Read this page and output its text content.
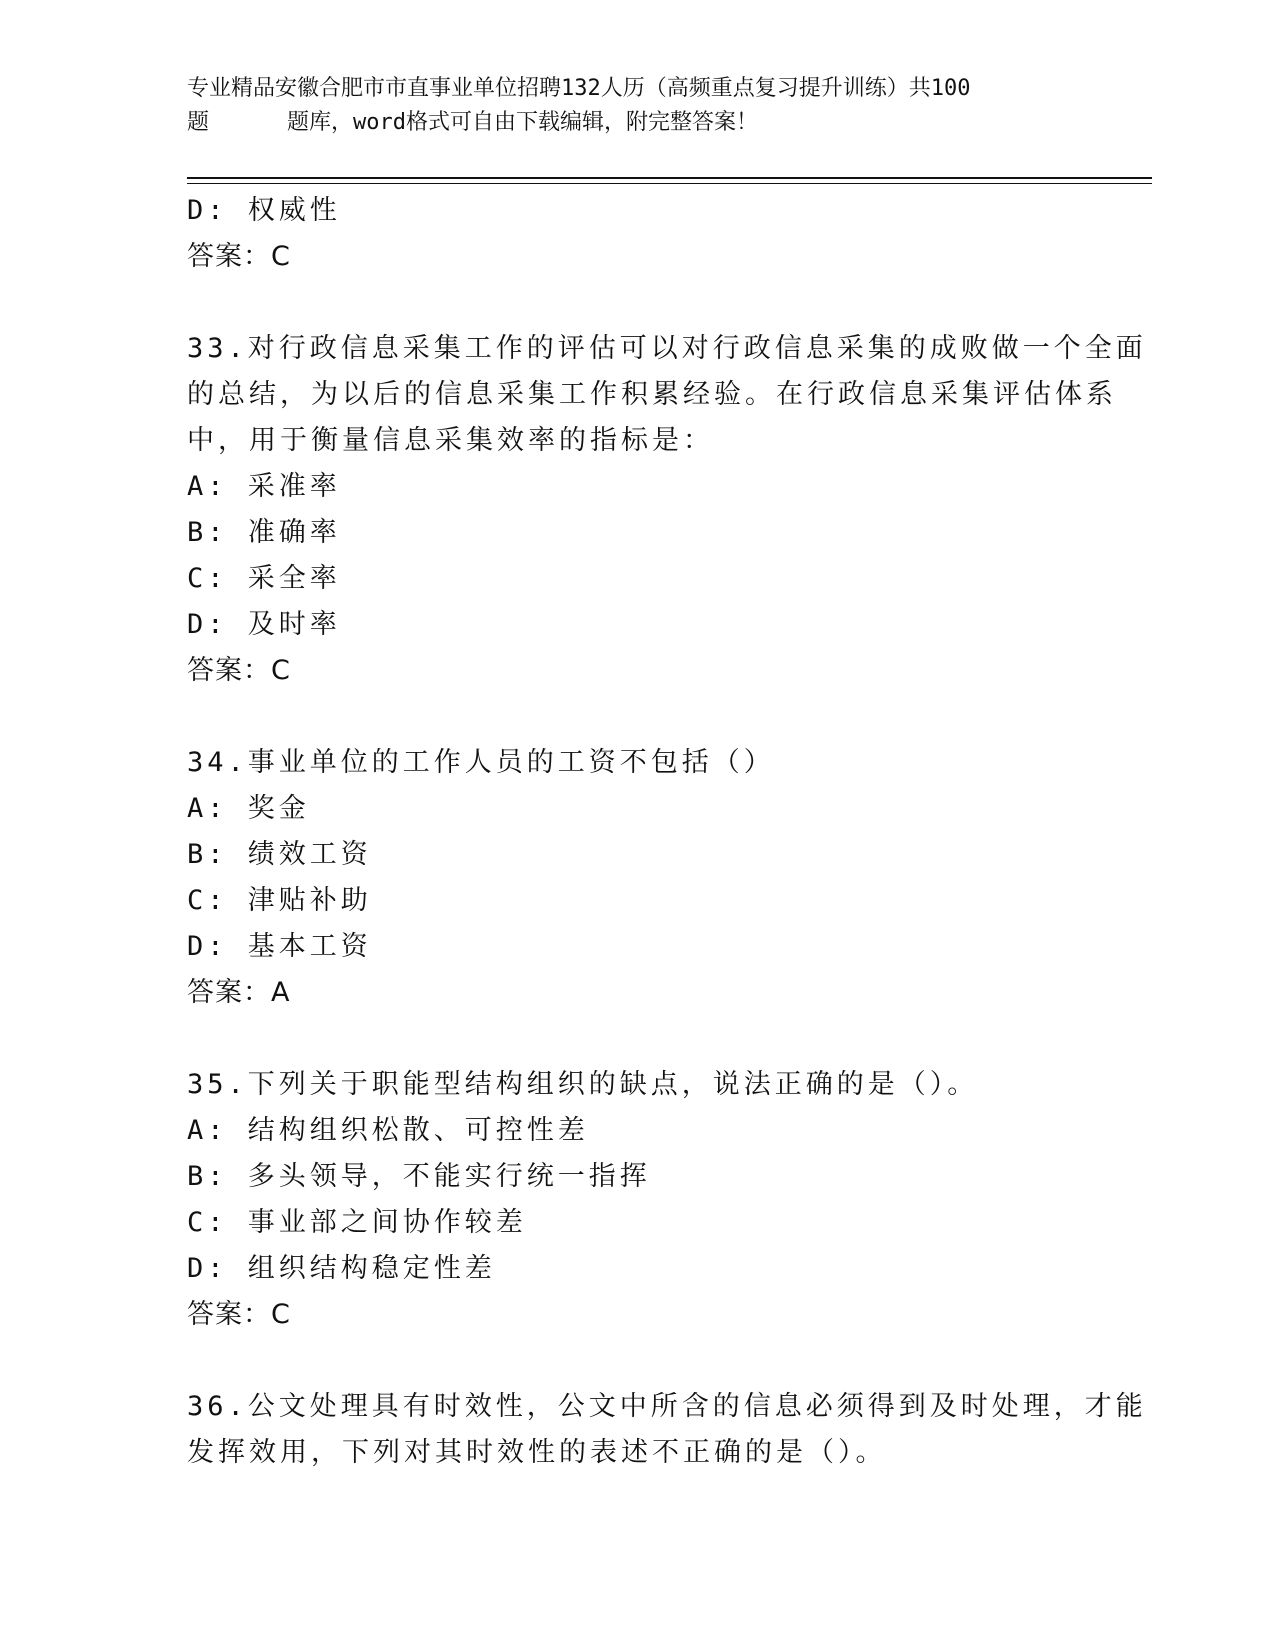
专业精品安徽合肥市市直事业单位招聘132人历（高频重点复习提升训练）共100
题	题库，word格式可自由下载编辑，附完整答案！
D: 权威性
答案：C
33.对行政信息采集工作的评估可以对行政信息采集的成败做一个全面
的总结，为以后的信息采集工作积累经验。在行政信息采集评估体系
中，用于衡量信息采集效率的指标是：
A: 采准率
B: 准确率
C: 采全率
D: 及时率
答案：C
34.事业单位的工作人员的工资不包括（）
A: 奖金
B: 绩效工资
C: 津贴补助
D: 基本工资
答案：A
35.下列关于职能型结构组织的缺点，说法正确的是（）。
A: 结构组织松散、可控性差
B: 多头领导，不能实行统一指挥
C: 事业部之间协作较差
D: 组织结构稳定性差
答案：C
36.公文处理具有时效性，公文中所含的信息必须得到及时处理，才能
发挥效用，下列对其时效性的表述不正确的是（）。
